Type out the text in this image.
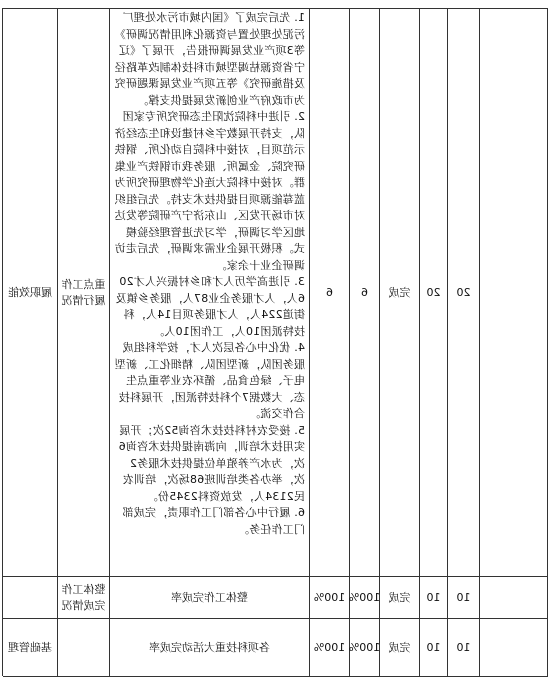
履职效能
基础管理
重点工作履行情况
整体工作完成情况

1. 先后完成了《国内城市污水处理厂污泥处理处置与资源化利用情况调研》等3项产业发展调研报告，开展了《辽宁省资源枯竭型城市科技体制改革路径及措施研究》等五项产业发展课题研究为市政府产业创新发展提供支撑。

2. 引进中科院沈阳生态研究所专家团队，支持开展数字乡村建设和生态经济示范项目，对接中科院自动化所、钢铁研究院、金属所、服务我市钢铁产业集群。对接中科院大连化学物理研究所为蓝莓能源项目提供技术支持。先后组织对市场开发区、山东济宁产研院等发达地区学习调研，学习先进管理经验模式。积极开展企业需求调研，先后走访调研企业十余家。

3. 引进高学历人才和乡村振兴人才206人，人才服务企业87人，服务乡镇及街道224人，人才服务项目14人，科技特派团10人，工作团10人。

4. 优化中心各层次人才，按学科组成服务团队，新型团队、精细化工、新型电子、绿色食品、循环农业等重点生态、大数据7个科技特派团，开展科技合作交流。

5. 接受农村科技技术咨询52次；开展实用技术培训，向海南提供技术咨询6次，为水产养殖单位提供技术服务2次，举办各类培训班68场次，培训农民2134人，发放资料2345份。

6. 履行中心各部门工作职责，完成部门工作任务。

整体工作完成率
各项科技重大活动完成率
6
100%
100%
6
100%
100%
完成
完成
完成
20
10
10
20
10
10
